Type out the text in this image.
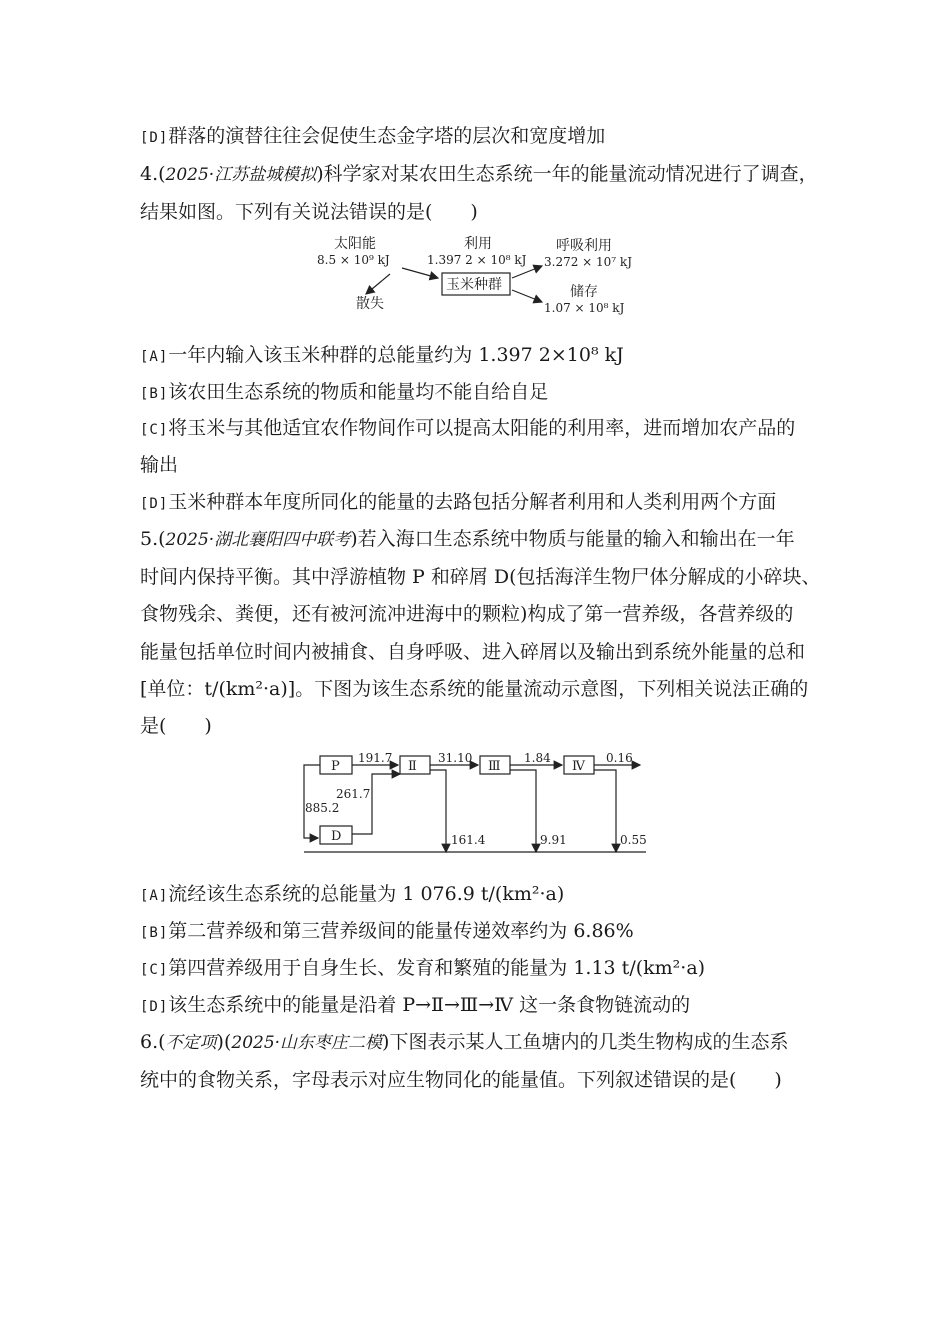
[D]群落的演替往往会促使生态金字塔的层次和宽度增加
4.(2025·江苏盐城模拟)科学家对某农田生态系统一年的能量流动情况进行了调查，
结果如图。下列有关说法错误的是(　　)
太阳能
8.5 × 10⁹ kJ
利用
1.397 2 × 10⁸ kJ
玉米种群
散失
呼吸利用
3.272 × 10⁷ kJ
储存
1.07 × 10⁸ kJ
[A]一年内输入该玉米种群的总能量约为 1.397 2×10⁸ kJ
[B]该农田生态系统的物质和能量均不能自给自足
[C]将玉米与其他适宜农作物间作可以提高太阳能的利用率，进而增加农产品的
输出
[D]玉米种群本年度所同化的能量的去路包括分解者利用和人类利用两个方面
5.(2025·湖北襄阳四中联考)若入海口生态系统中物质与能量的输入和输出在一年
时间内保持平衡。其中浮游植物 P 和碎屑 D(包括海洋生物尸体分解成的小碎块、
食物残余、粪便，还有被河流冲进海中的颗粒)构成了第一营养级，各营养级的
能量包括单位时间内被捕食、自身呼吸、进入碎屑以及输出到系统外能量的总和
[单位：t/(km²·a)]。下图为该生态系统的能量流动示意图，下列相关说法正确的
是(　　)
191.7	31.10	1.84	0.16
261.7
885.2
161.4	9.91	0.55
P	Ⅱ	Ⅲ	Ⅳ
D
[A]流经该生态系统的总能量为 1 076.9 t/(km²·a)
[B]第二营养级和第三营养级间的能量传递效率约为 6.86%
[C]第四营养级用于自身生长、发育和繁殖的能量为 1.13 t/(km²·a)
[D]该生态系统中的能量是沿着 P→Ⅱ→Ⅲ→Ⅳ 这一条食物链流动的
6.(不定项)(2025·山东枣庄二模)下图表示某人工鱼塘内的几类生物构成的生态系
统中的食物关系，字母表示对应生物同化的能量值。下列叙述错误的是(　　)
